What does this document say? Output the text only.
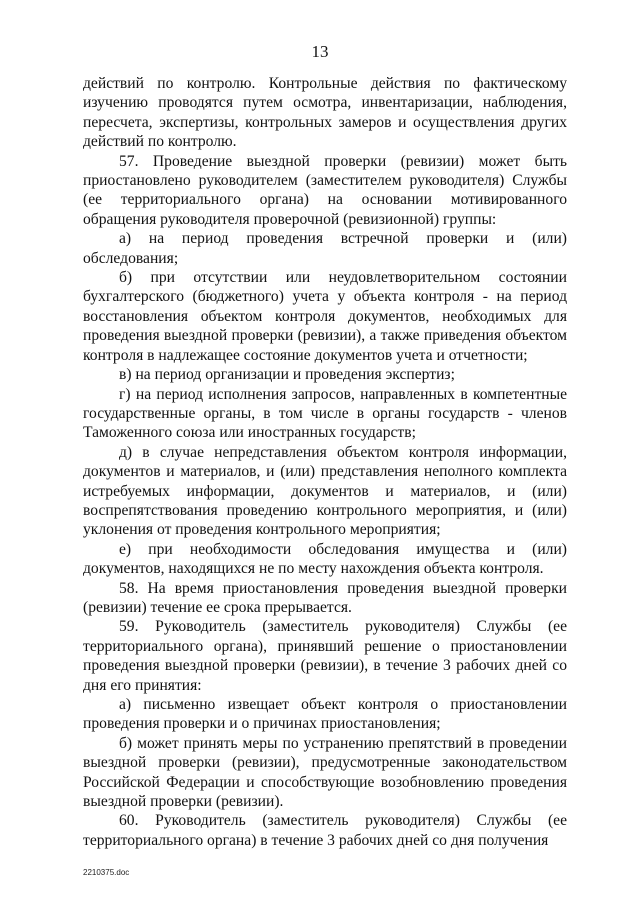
13

действий по контролю. Контрольные действия по фактическому изучению проводятся путем осмотра, инвентаризации, наблюдения, пересчета, экспертизы, контрольных замеров и осуществления других действий по контролю.

57. Проведение выездной проверки (ревизии) может быть приостановлено руководителем (заместителем руководителя) Службы (ее территориального органа) на основании мотивированного обращения руководителя проверочной (ревизионной) группы:

а) на период проведения встречной проверки и (или) обследования;

б) при отсутствии или неудовлетворительном состоянии бухгалтерского (бюджетного) учета у объекта контроля - на период восстановления объектом контроля документов, необходимых для проведения выездной проверки (ревизии), а также приведения объектом контроля в надлежащее состояние документов учета и отчетности;

в) на период организации и проведения экспертиз;

г) на период исполнения запросов, направленных в компетентные государственные органы, в том числе в органы государств - членов Таможенного союза или иностранных государств;

д) в случае непредставления объектом контроля информации, документов и материалов, и (или) представления неполного комплекта истребуемых информации, документов и материалов, и (или) воспрепятствования проведению контрольного мероприятия, и (или) уклонения от проведения контрольного мероприятия;

е) при необходимости обследования имущества и (или) документов, находящихся не по месту нахождения объекта контроля.

58. На время приостановления проведения выездной проверки (ревизии) течение ее срока прерывается.

59. Руководитель (заместитель руководителя) Службы (ее территориального органа), принявший решение о приостановлении проведения выездной проверки (ревизии), в течение 3 рабочих дней со дня его принятия:

а) письменно извещает объект контроля о приостановлении проведения проверки и о причинах приостановления;

б) может принять меры по устранению препятствий в проведении выездной проверки (ревизии), предусмотренные законодательством Российской Федерации и способствующие возобновлению проведения выездной проверки (ревизии).

60. Руководитель (заместитель руководителя) Службы (ее территориального органа) в течение 3 рабочих дней со дня получения

2210375.doc
